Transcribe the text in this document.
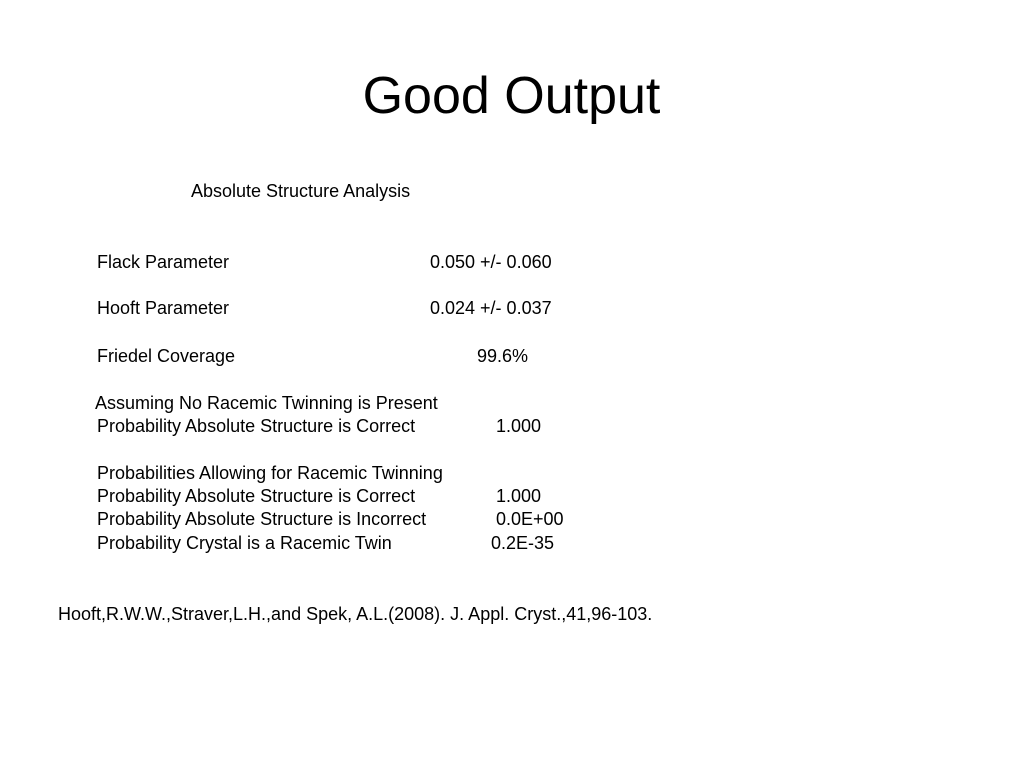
Good Output
Absolute Structure Analysis
Flack Parameter	0.050 +/- 0.060
Hooft Parameter	0.024 +/- 0.037
Friedel Coverage	99.6%
Assuming No Racemic Twinning is Present
Probability Absolute Structure is Correct	1.000
Probabilities Allowing for Racemic Twinning
Probability Absolute Structure is Correct	1.000
Probability Absolute Structure is Incorrect	0.0E+00
Probability Crystal is a Racemic Twin	0.2E-35
Hooft,R.W.W.,Straver,L.H.,and Spek, A.L.(2008). J. Appl. Cryst.,41,96-103.
